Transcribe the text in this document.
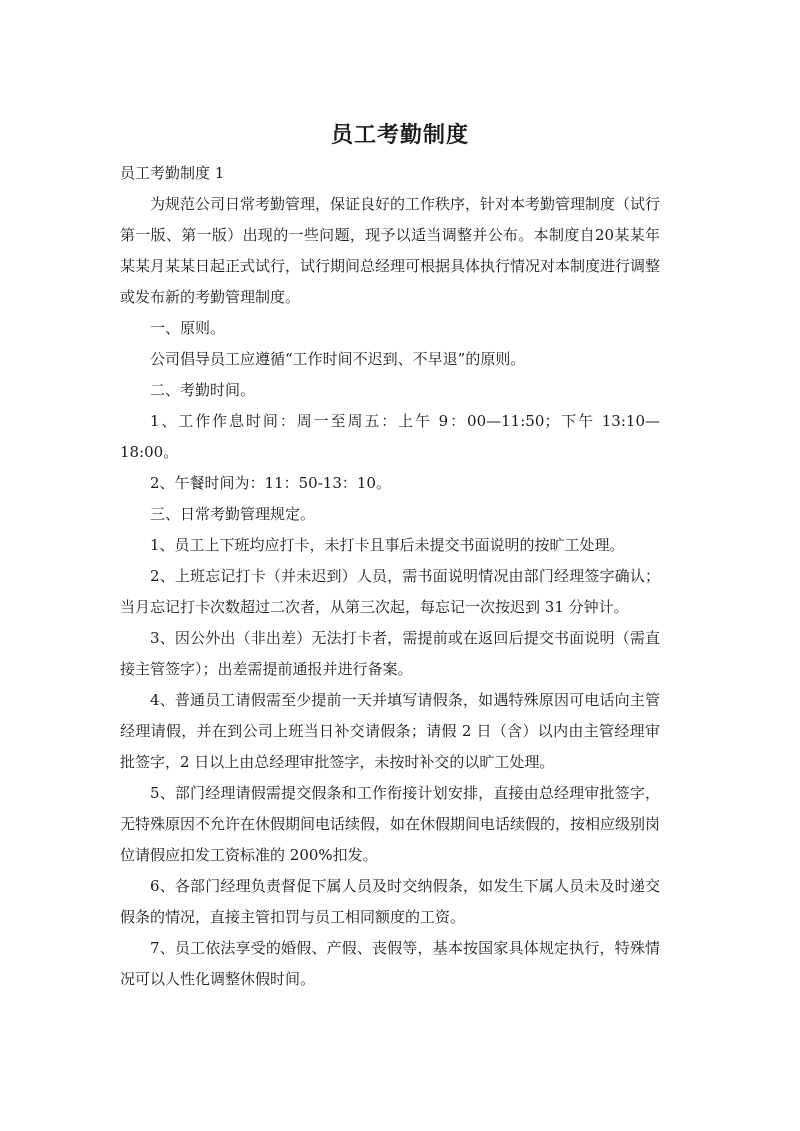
员工考勤制度

员工考勤制度 1

为规范公司日常考勤管理，保证良好的工作秩序，针对本考勤管理制度（试行第一版、第一版）出现的一些问题，现予以适当调整并公布。本制度自20某某年某某月某某日起正式试行，试行期间总经理可根据具体执行情况对本制度进行调整或发布新的考勤管理制度。

一、原则。

公司倡导员工应遵循“工作时间不迟到、不早退”的原则。

二、考勤时间。

1、工作作息时间：周一至周五：上午 9：00—11:50；下午 13:10—18:00。

2、午餐时间为：11：50-13：10。

三、日常考勤管理规定。

1、员工上下班均应打卡，未打卡且事后未提交书面说明的按旷工处理。

2、上班忘记打卡（并未迟到）人员，需书面说明情况由部门经理签字确认；当月忘记打卡次数超过二次者，从第三次起，每忘记一次按迟到 31 分钟计。

3、因公外出（非出差）无法打卡者，需提前或在返回后提交书面说明（需直接主管签字）；出差需提前通报并进行备案。

4、普通员工请假需至少提前一天并填写请假条，如遇特殊原因可电话向主管经理请假，并在到公司上班当日补交请假条；请假 2 日（含）以内由主管经理审批签字，2 日以上由总经理审批签字，未按时补交的以旷工处理。

5、部门经理请假需提交假条和工作衔接计划安排，直接由总经理审批签字，无特殊原因不允许在休假期间电话续假，如在休假期间电话续假的，按相应级别岗位请假应扣发工资标准的 200%扣发。

6、各部门经理负责督促下属人员及时交纳假条，如发生下属人员未及时递交假条的情况，直接主管扣罚与员工相同额度的工资。

7、员工依法享受的婚假、产假、丧假等，基本按国家具体规定执行，特殊情况可以人性化调整休假时间。
